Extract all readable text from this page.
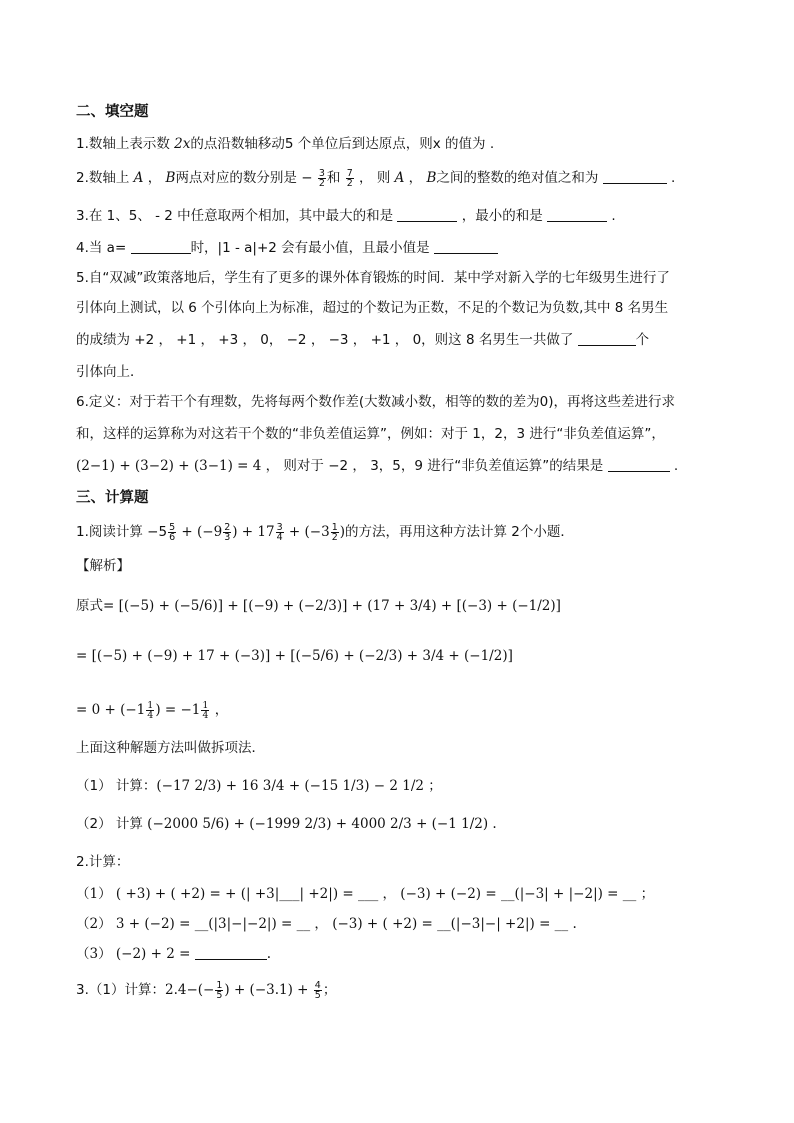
二、填空题
1.数轴上表示数 2x的点沿数轴移动5 个单位后到达原点，则x 的值为 .
2.数轴上 A ， B两点对应的数分别是 − $\frac{3}{2}$ 和 $\frac{7}{2}$ ， 则 A ， B之间的整数的绝对值之和为	.
3.在 1、5、 - 2 中任意取两个相加，其中最大的和是	，最小的和是	.
4.当 a=	时，|1 - a|+2 会有最小值，且最小值是
5.自“双减”政策落地后，学生有了更多的课外体育锻炼的时间．某中学对新入学的七年级男生进行了
引体向上测试，以 6 个引体向上为标准，超过的个数记为正数，不足的个数记为负数,其中 8 名男生
的成绩为 +2 ， +1 ， +3 ， 0， −2 ， −3 ， +1 ， 0，则这 8 名男生一共做了	个
引体向上．
6.定义：对于若干个有理数，先将每两个数作差(大数减小数，相等的数的差为0)，再将这些差进行求
和，这样的运算称为对这若干个数的“非负差值运算”，例如：对于 1，2，3 进行“非负差值运算”，
(2−1) + (3−2) + (3−1) = 4 ， 则对于 −2 ， 3，5，9 进行“非负差值运算”的结果是	.
三、计算题
1.阅读计算 $-5 \frac{5}{6} + (-9 \frac{2}{3}$ ) + $17 \frac{3}{4} + (-3 \frac{1}{2}$ )的方法，再用这种方法计算 2个小题．
【解析】
原式= [(−5) + (−5/6)] + [(−9) + (−2/3)] + (17 + 3/4) + [(−3) + (−1/2)]
= [(−5) + (−9) + 17 + (−3)] + [(−5/6) + (−2/3) + 3/4 + (−1/2)]
= $0 + (-1 \frac{1}{4}$ ) = $-1 \frac{1}{4}$ ，
上面这种解题方法叫做拆项法．
（1） 计算：(−17 2/3) + 16 3/4 + (−15 1/3) − 2 1/2 ；
（2） 计算 (−2000 5/6) + (−1999 2/3) + 4000 2/3 + (−1 1/2) .
2.计算：
（1） ( +3) + ( +2) = + (| +3|___| +2|) = ___ ， (−3) + (−2) = __(|−3| + |−2|) = __ ；
（2） 3 + (−2) = __(|3|−|−2|) = __ ， (−3) + ( +2) = __(|−3|−| +2|) = __ .
（3） (−2) + 2 =	.
3.（1）计算：$2.4-(- \frac{1}{5}$ ) + $(-3.1) + \frac{4}{5}$ ；
